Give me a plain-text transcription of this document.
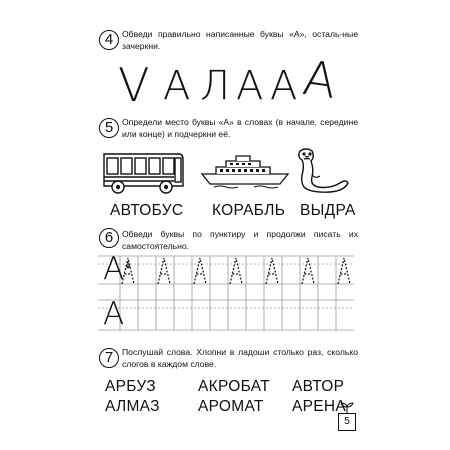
4	Обведи правильно написанные буквы «А», осталь-ные зачеркни.
V А Л А А А
5	Определи место буквы «А» в словах (в начале, середине или конце) и подчеркни её.
АВТОБУС КОРАБЛЬ ВЫДРА
6	Обведи буквы по пунктиру и продолжи писать их самостоятельно.
А
А
7	Послушай слова. Хлопни в ладоши столько раз, сколько слогов в каждом слове.
АРБУЗ	АКРОБАТ АВТОР
АЛМАЗ АРОМАТ АРЕНА
5
